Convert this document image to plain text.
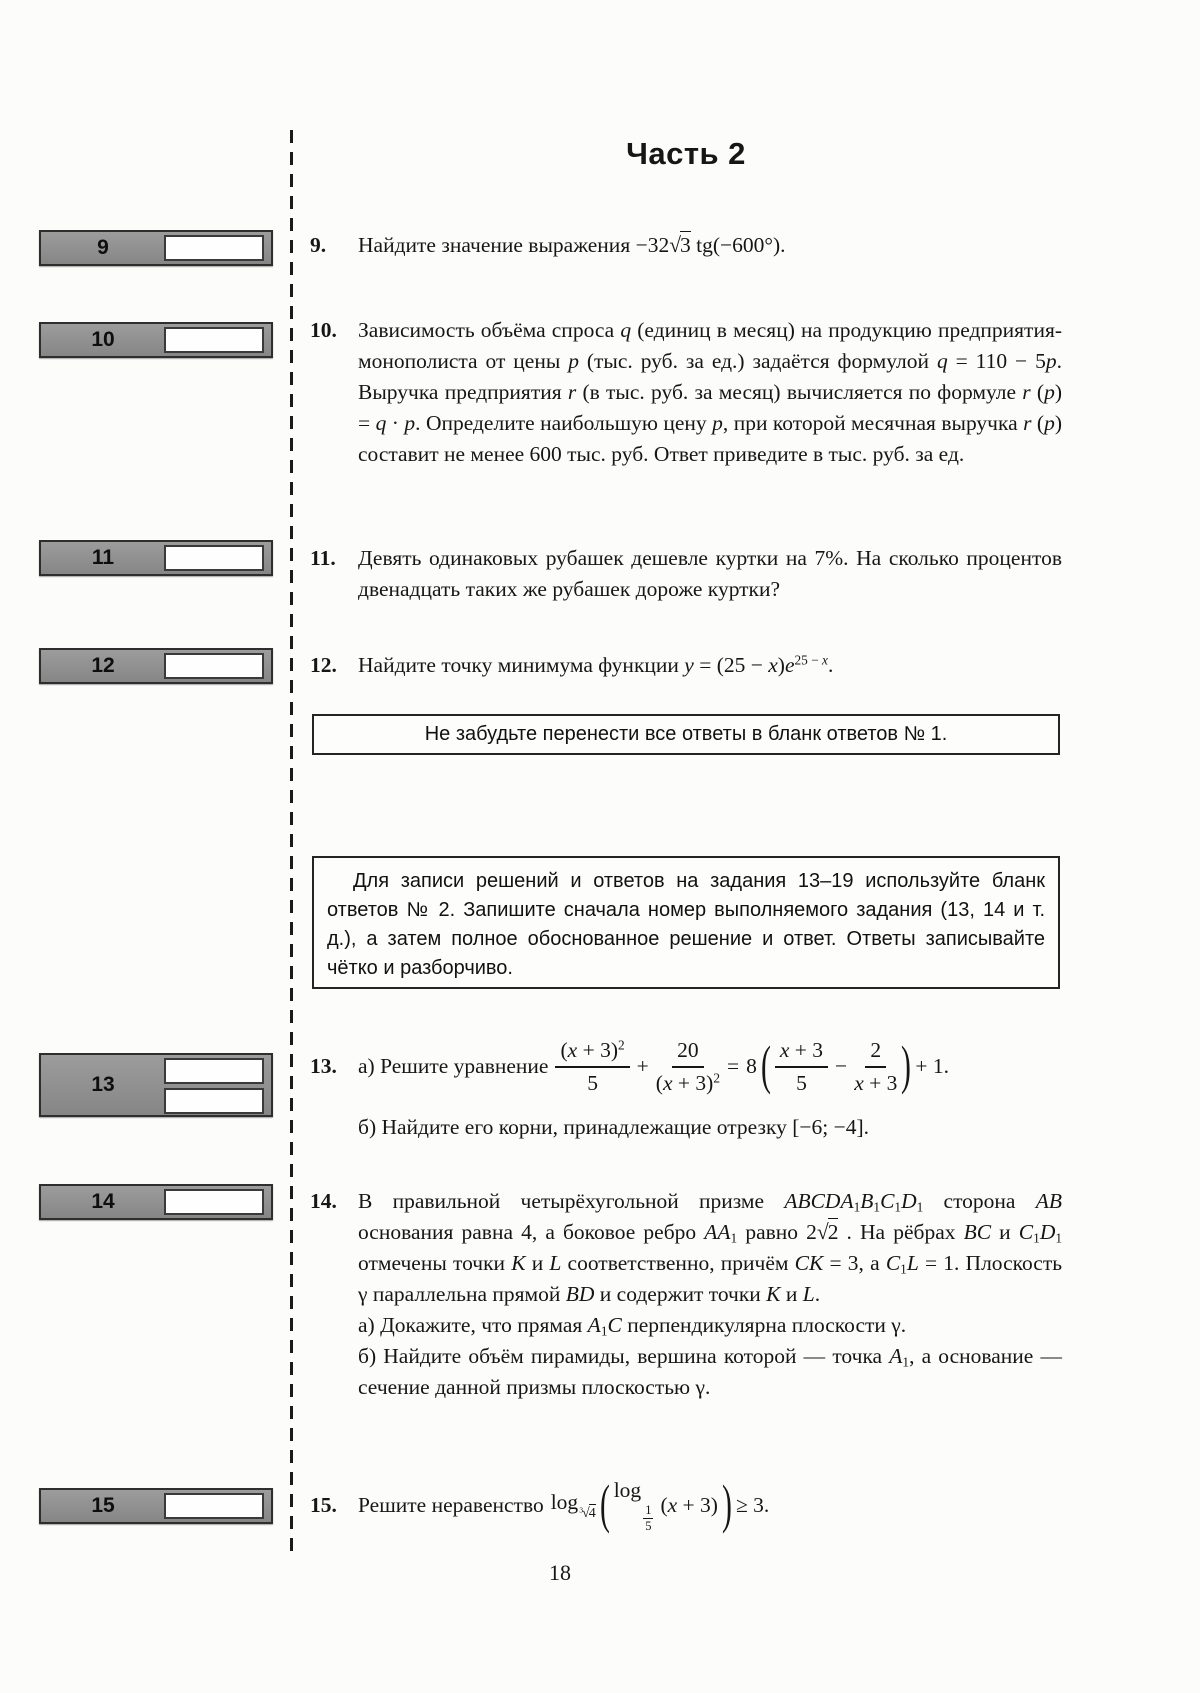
9
10
11
12
13
14
15
Часть 2
9.	Найдите значение выражения −32√3 tg(−600°).
10. Зависимость объёма спроса q (единиц в месяц) на продукцию предприятия-монополиста от цены p (тыс. руб. за ед.) задаётся формулой q = 110 − 5p. Выручка предприятия r (в тыс. руб. за месяц) вычисляется по формуле r (p) = q · p. Определите наибольшую цену p, при которой месячная выручка r (p) составит не менее 600 тыс. руб. Ответ приведите в тыс. руб. за ед.
11.	Девять одинаковых рубашек дешевле куртки на 7%. На сколько процентов двенадцать таких же рубашек дороже куртки?
12. Найдите точку минимума функции $y = (25 - x)e^{25 -}$ $^x$.
Не забудьте перенести все ответы в бланк ответов № 1.
Для записи решений и ответов на задания 13–19 используйте бланк ответов № 2. Запишите сначала номер выполняемого задания (13, 14 и т. д.), а затем полное обоснованное решение и ответ. Ответы записывайте чётко и разборчиво.
13. а) Решите уравнение $\frac{(x + 3)^2}{5} + \frac{20}{(x + 3)^2} = 8$ ( $\frac{x + 3}{5} - \frac{2}{x + 3}$ ) + 1.
б) Найдите его корни, принадлежащие отрезку [−6; −4].
14. В правильной четырёхугольной призме ABCDA1B1C1D1 сторона AB основания равна 4, а боковое ребро AA1 равно 2√2 . На рёбрах BC и C1D1 отмечены точки K и L соответственно, причём CK = 3, а C1L = 1. Плоскость γ параллельна прямой BD и содержит точки K и L.
а) Докажите, что прямая A1C перпендикулярна плоскости γ.
б) Найдите объём пирамиды, вершина которой — точка A1, а основание — сечение данной призмы плоскостью γ.
15. Решите неравенство $\log^3√4$ ( log
$\frac{1}{5} (x + 3)$ ) ≥ 3.
18
